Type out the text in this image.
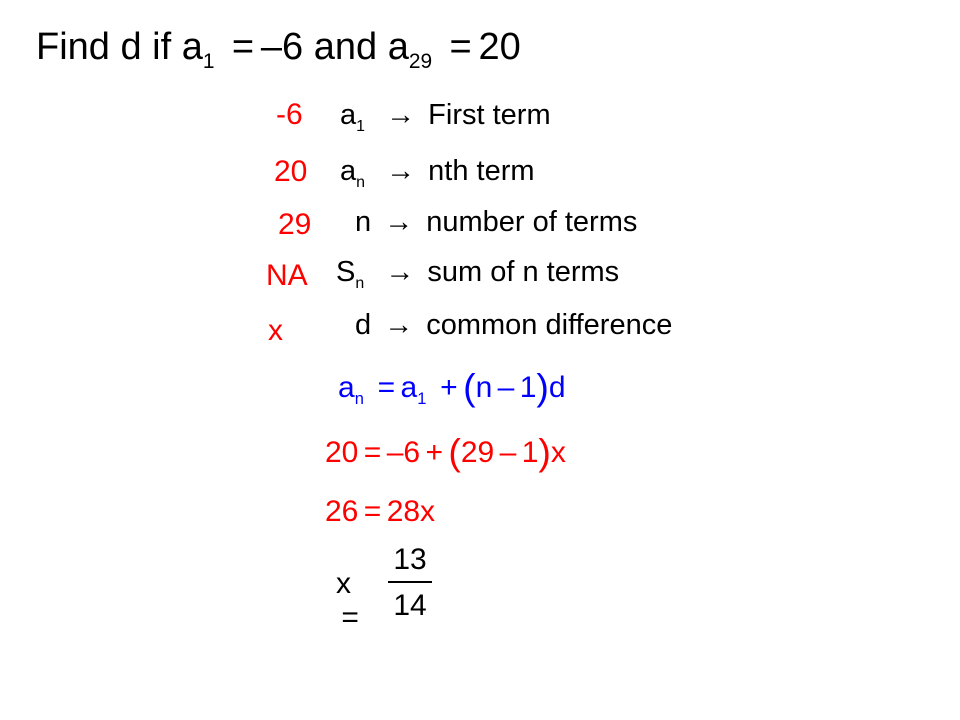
Find d if $a_1 = -6$ and $a_{29} = 20$
-6
20
29
NA
x
$a_1$ → First term
$a_n$ → nth term
n → number of terms
$S_n$ → sum of n terms
d → common difference
$a_n = a_1 + (n - 1)d$
20 = –6 + (29 – 1)x
26 = 28x
x=
13
14
